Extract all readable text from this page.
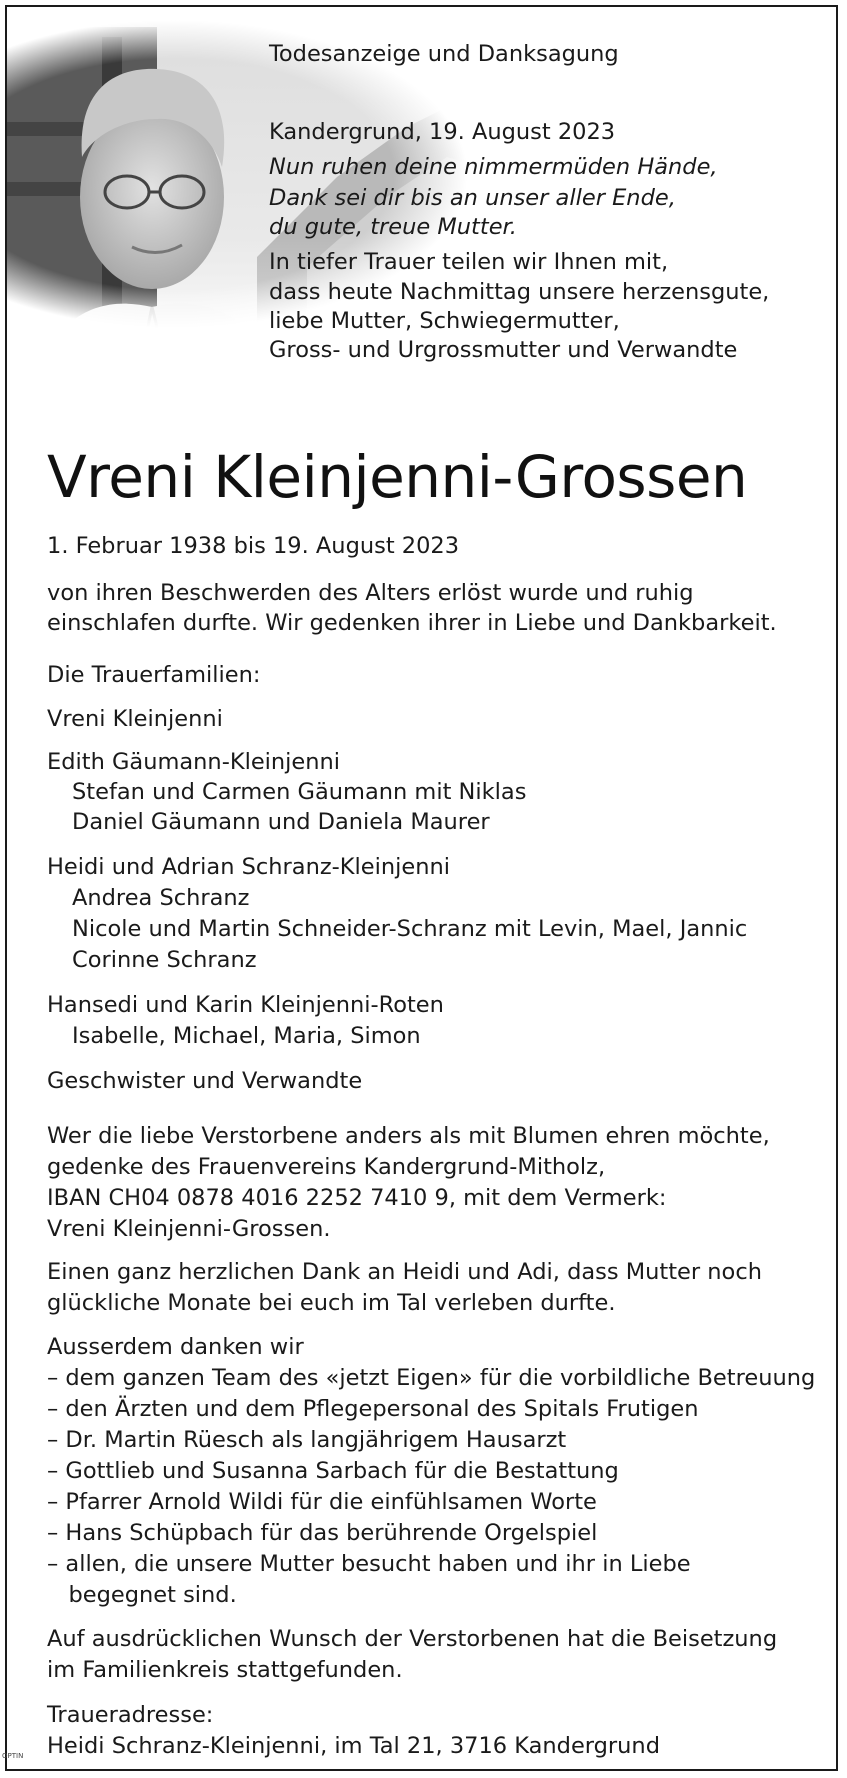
Todesanzeige und Danksagung
Kandergrund, 19. August 2023
Nun ruhen deine nimmermüden Hände,
Dank sei dir bis an unser aller Ende,
du gute, treue Mutter.
In tiefer Trauer teilen wir Ihnen mit,
dass heute Nachmittag unsere herzensgute,
liebe Mutter, Schwiegermutter,
Gross- und Urgrossmutter und Verwandte
Vreni Kleinjenni-Grossen
1. Februar 1938 bis 19. August 2023
von ihren Beschwerden des Alters erlöst wurde und ruhig
einschlafen durfte. Wir gedenken ihrer in Liebe und Dankbarkeit.
Die Trauerfamilien:
Vreni Kleinjenni
Edith Gäumann-Kleinjenni
Stefan und Carmen Gäumann mit Niklas
Daniel Gäumann und Daniela Maurer
Heidi und Adrian Schranz-Kleinjenni
Andrea Schranz
Nicole und Martin Schneider-Schranz mit Levin, Mael, Jannic
Corinne Schranz
Hansedi und Karin Kleinjenni-Roten
Isabelle, Michael, Maria, Simon
Geschwister und Verwandte
Wer die liebe Verstorbene anders als mit Blumen ehren möchte,
gedenke des Frauenvereins Kandergrund-Mitholz,
IBAN CH04 0878 4016 2252 7410 9, mit dem Vermerk:
Vreni Kleinjenni-Grossen.
Einen ganz herzlichen Dank an Heidi und Adi, dass Mutter noch
glückliche Monate bei euch im Tal verleben durfte.
Ausserdem danken wir
– dem ganzen Team des «jetzt Eigen» für die vorbildliche Betreuung
– den Ärzten und dem Pflegepersonal des Spitals Frutigen
– Dr. Martin Rüesch als langjährigem Hausarzt
– Gottlieb und Susanna Sarbach für die Bestattung
– Pfarrer Arnold Wildi für die einfühlsamen Worte
– Hans Schüpbach für das berührende Orgelspiel
– allen, die unsere Mutter besucht haben und ihr in Liebe
begegnet sind.
Auf ausdrücklichen Wunsch der Verstorbenen hat die Beisetzung
im Familienkreis stattgefunden.
Traueradresse:
Heidi Schranz-Kleinjenni, im Tal 21, 3716 Kandergrund
OPTIN
